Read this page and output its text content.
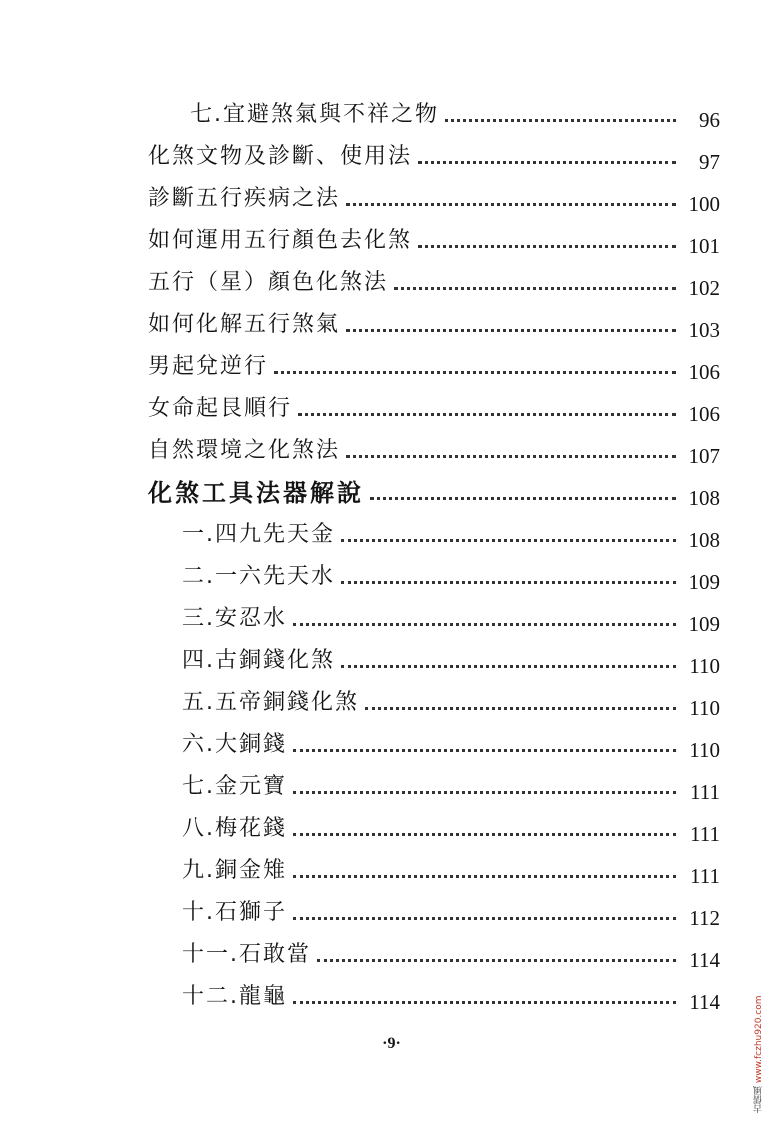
七.宜避煞氣與不祥之物	96
化煞文物及診斷、使用法	97
診斷五行疾病之法	100
如何運用五行顏色去化煞	101
五行（星）顏色化煞法	102
如何化解五行煞氣	103
男起兌逆行	106
女命起艮順行	106
自然環境之化煞法	107
化煞工具法器解說	108
一.四九先天金	108
二.一六先天水	109
三.安忍水	109
四.古銅錢化煞	110
五.五帝銅錢化煞	110
六.大銅錢	110
七.金元寶	111
八.梅花錢	111
九.銅金雉	111
十.石獅子	112
十一.石敢當	114
十二.龍龜	114
·9·
古儒風 www.fczhu920.com
